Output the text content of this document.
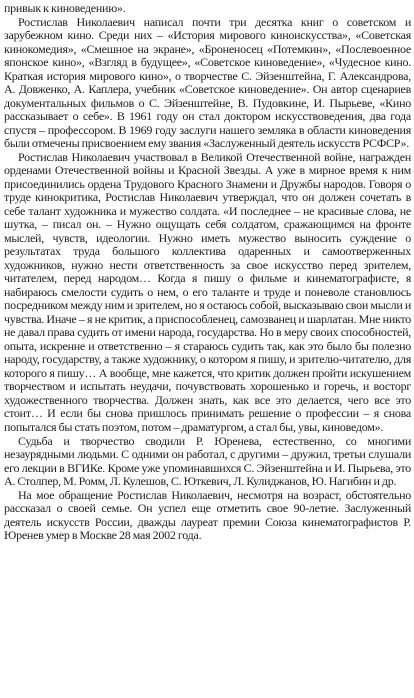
привык к киноведению».

Ростислав Николаевич написал почти три десятка книг о советском и зарубежном кино. Среди них – «История мирового киноискусства», «Советская кинокомедия», «Смешное на экране», «Броненосец «Потемкин», «Послевоенное японское кино», «Взгляд в будущее», «Советское киноведение», «Чудесное кино. Краткая история мирового кино», о творчестве С. Эйзенштейна, Г. Александрова, А. Довженко, А. Каплера, учебник «Советское киноведение». Он автор сценариев документальных фильмов о С. Эйзенштейне, В. Пудовкине, И. Пырьеве, «Кино рассказывает о себе». В 1961 году он стал доктором искусствоведения, два года спустя – профессором. В 1969 году заслуги нашего земляка в области киноведения были отмечены присвоением ему звания «Заслуженный деятель искусств РСФСР».

Ростислав Николаевич участвовал в Великой Отечественной войне, награжден орденами Отечественной войны и Красной Звезды. А уже в мирное время к ним присоединились ордена Трудового Красного Знамени и Дружбы народов. Говоря о труде кинокритика, Ростислав Николаевич утверждал, что он должен сочетать в себе талант художника и мужество солдата. «И последнее – не красивые слова, не шутка, – писал он. – Нужно ощущать себя солдатом, сражающимся на фронте мыслей, чувств, идеологии. Нужно иметь мужество выносить суждение о результатах труда большого коллектива одаренных и самоотверженных художников, нужно нести ответственность за свое искусство перед зрителем, читателем, перед народом… Когда я пишу о фильме и кинематографисте, я набираюсь смелости судить о нем, о его таланте и труде и поневоле становлюсь посредником между ним и зрителем, но я остаюсь собой, высказываю свои мысли и чувства. Иначе – я не критик, а приспособленец, самозванец и шарлатан. Мне никто не давал права судить от имени народа, государства. Но в меру своих способностей, опыта, искренне и ответственно – я стараюсь судить так, как это было бы полезно народу, государству, а также художнику, о котором я пишу, и зрителю-читателю, для которого я пишу… А вообще, мне кажется, что критик должен пройти искушением творчеством и испытать неудачи, почувствовать хорошенько и горечь, и восторг художественного творчества. Должен знать, как все это делается, чего все это стоит… И если бы снова пришлось принимать решение о профессии – я снова попытался бы стать поэтом, потом – драматургом, а стал бы, увы, киноведом».

Судьба и творчество сводили Р. Юренева, естественно, со многими незаурядными людьми. С одними он работал, с другими – дружил, третьи слушали его лекции в ВГИКе. Кроме уже упоминавшихся С. Эйзенштейна и И. Пырьева, это А. Столпер, М. Ромм, Л. Кулешов, С. Юткевич, Л. Кулиджанов, Ю. Нагибин и др.

На мое обращение Ростислав Николаевич, несмотря на возраст, обстоятельно рассказал о своей семье. Он успел еще отметить свое 90-летие. Заслуженный деятель искусств России, дважды лауреат премии Союза кинематографистов Р. Юренев умер в Москве 28 мая 2002 года.
